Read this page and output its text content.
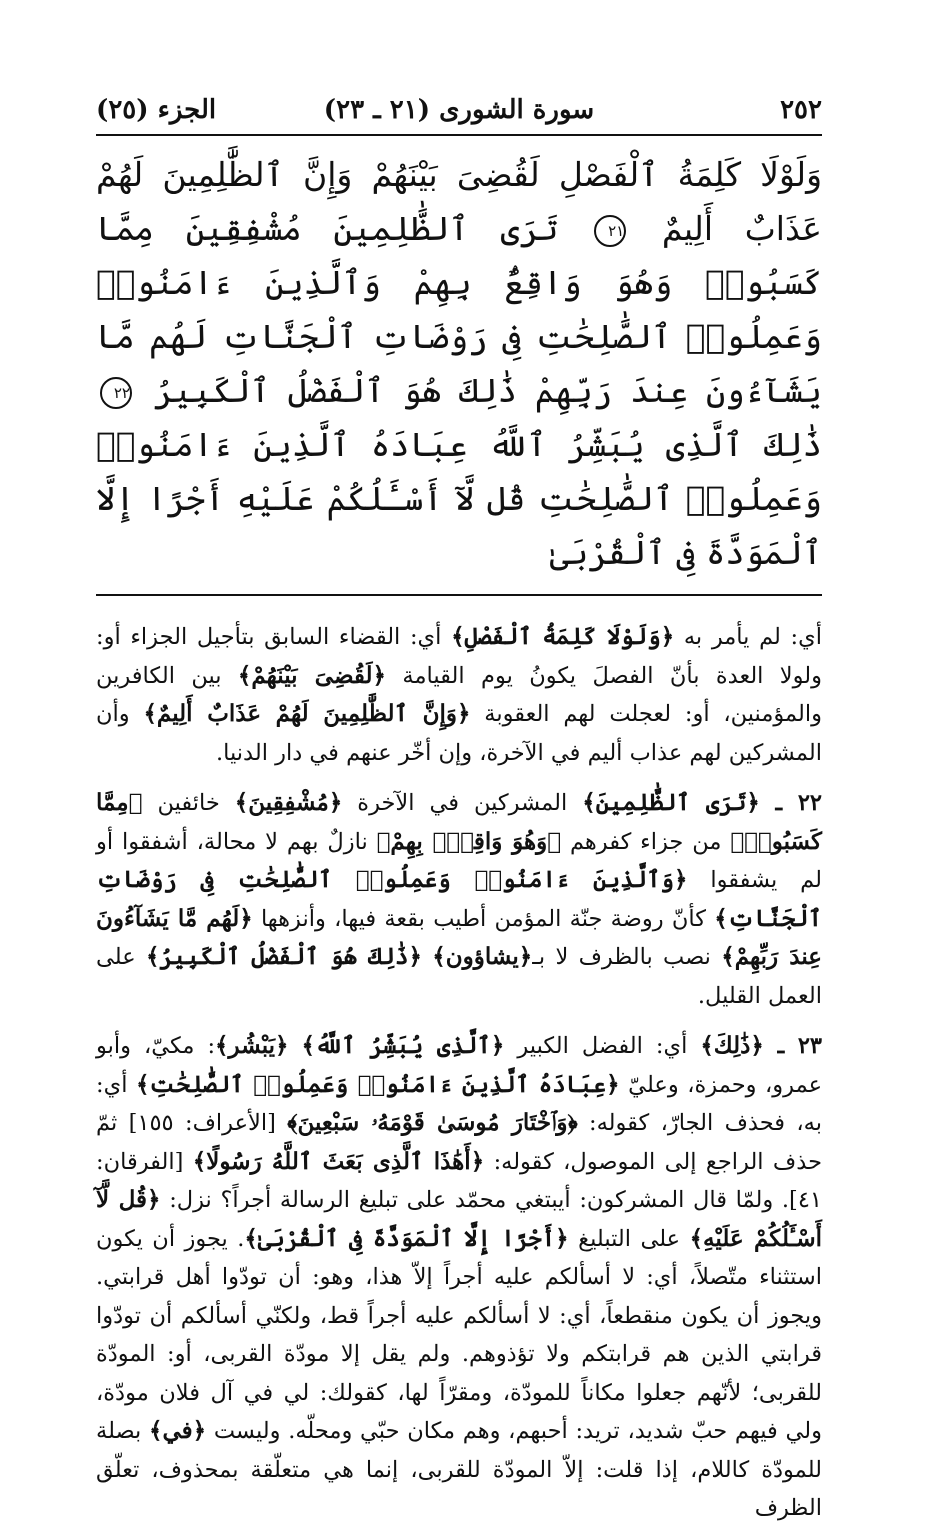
٢٥٢
سورة الشورى (٢١ ـ ٢٣)
الجزء (٢٥)
وَلَوْلَا كَلِمَةُ ٱلْفَصْلِ لَقُضِىَ بَيْنَهُمْ وَإِنَّ ٱلظَّٰلِمِينَ لَهُمْ عَذَابٌ أَلِيمٌ ٢١ تَرَى ٱلظَّٰلِمِينَ مُشْفِقِينَ مِمَّا كَسَبُوا۟ وَهُوَ وَاقِعٌۢ بِهِمْ وَٱلَّذِينَ ءَامَنُوا۟ وَعَمِلُوا۟ ٱلصَّٰلِحَٰتِ فِى رَوْضَاتِ ٱلْجَنَّاتِ لَهُم مَّا يَشَآءُونَ عِندَ رَبِّهِمْ ذَٰلِكَ هُوَ ٱلْفَضْلُ ٱلْكَبِيرُ ٢٢ ذَٰلِكَ ٱلَّذِى يُبَشِّرُ ٱللَّهُ عِبَادَهُ ٱلَّذِينَ ءَامَنُوا۟ وَعَمِلُوا۟ ٱلصَّٰلِحَٰتِ قُل لَّآ أَسْـَٔلُكُمْ عَلَيْهِ أَجْرًا إِلَّا ٱلْمَوَدَّةَ فِى ٱلْقُرْبَىٰ

أي: لم يأمر به ﴿وَلَوْلَا كَلِمَةُ ٱلْفَصْلِ﴾ أي: القضاء السابق بتأجيل الجزاء أو: ولولا العدة بأنّ الفصلَ يكونُ يوم القيامة ﴿لَقُضِىَ بَيْنَهُمْ﴾ بين الكافرين والمؤمنين، أو: لعجلت لهم العقوبة ﴿وَإِنَّ ٱلظَّٰلِمِينَ لَهُمْ عَذَابٌ أَلِيمٌ﴾ وأن المشركين لهم عذاب أليم في الآخرة، وإن أخّر عنهم في دار الدنيا.

٢٢ ـ ﴿تَرَى ٱلظَّٰلِمِينَ﴾ المشركين في الآخرة ﴿مُشْفِقِينَ﴾ خائفين ﴿مِمَّا كَسَبُوا۟﴾ من جزاء كفرهم ﴿وَهُوَ وَاقِعٌۢ بِهِمْ﴾ نازلٌ بهم لا محالة، أشفقوا أو لم يشفقوا ﴿وَٱلَّذِينَ ءَامَنُوا۟ وَعَمِلُوا۟ ٱلصَّٰلِحَٰتِ فِى رَوْضَاتِ ٱلْجَنَّاتِ﴾ كأنّ روضة جنّة المؤمن أطيب بقعة فيها، وأنزهها ﴿لَهُم مَّا يَشَآءُونَ عِندَ رَبِّهِمْ﴾ نصب بالظرف لا بـ﴿يشاؤون﴾ ﴿ذَٰلِكَ هُوَ ٱلْفَضْلُ ٱلْكَبِيرُ﴾ على العمل القليل.

٢٣ ـ ﴿ذَٰلِكَ﴾ أي: الفضل الكبير ﴿ٱلَّذِى يُبَشِّرُ ٱللَّهُ﴾ ﴿يَبْشُر﴾: مكيّ، وأبو عمرو، وحمزة، وعليّ ﴿عِبَادَهُ ٱلَّذِينَ ءَامَنُوا۟ وَعَمِلُوا۟ ٱلصَّٰلِحَٰتِ﴾ أي: به، فحذف الجارّ، كقوله: ﴿وَٱخْتَارَ مُوسَىٰ قَوْمَهُۥ سَبْعِينَ﴾ [الأعراف: ١٥٥] ثمّ حذف الراجع إلى الموصول، كقوله: ﴿أَهَٰذَا ٱلَّذِى بَعَثَ ٱللَّهُ رَسُولًا﴾ [الفرقان: ٤١]. ولمّا قال المشركون: أيبتغي محمّد على تبليغ الرسالة أجراً؟ نزل: ﴿قُل لَّآ أَسْـَٔلُكُمْ عَلَيْهِ﴾ على التبليغ ﴿أَجْرًا إِلَّا ٱلْمَوَدَّةَ فِى ٱلْقُرْبَىٰ﴾. يجوز أن يكون استثناء متّصلاً، أي: لا أسألكم عليه أجراً إلاّ هذا، وهو: أن تودّوا أهل قرابتي. ويجوز أن يكون منقطعاً، أي: لا أسألكم عليه أجراً قط، ولكنّي أسألكم أن تودّوا قرابتي الذين هم قرابتكم ولا تؤذوهم. ولم يقل إلا مودّة القربى، أو: المودّة للقربى؛ لأنّهم جعلوا مكاناً للمودّة، ومقرّاً لها، كقولك: لي في آل فلان مودّة، ولي فيهم حبّ شديد، تريد: أحبهم، وهم مكان حبّي ومحلّه. وليست ﴿في﴾ بصلة للمودّة كاللام، إذا قلت: إلاّ المودّة للقربى، إنما هي متعلّقة بمحذوف، تعلّق الظرف
